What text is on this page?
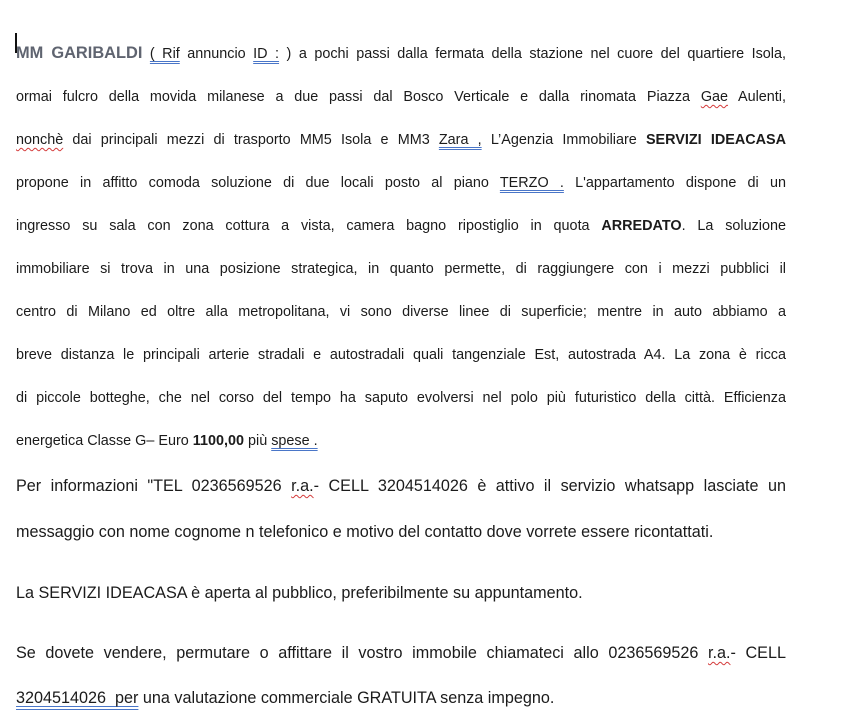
MM GARIBALDI ( Rif annuncio ID : ) a pochi passi dalla fermata della stazione nel cuore del quartiere Isola,
ormai fulcro della movida milanese a due passi dal Bosco Verticale e dalla rinomata Piazza Gae Aulenti,
nonchè dai principali mezzi di trasporto MM5 Isola e MM3 Zara , L’Agenzia Immobiliare SERVIZI IDEACASA
propone in affitto comoda soluzione di due locali posto al piano TERZO . L'appartamento dispone di un
ingresso su sala con zona cottura a vista, camera bagno ripostiglio in quota ARREDATO. La soluzione
immobiliare si trova in una posizione strategica, in quanto permette, di raggiungere con i mezzi pubblici il
centro di Milano ed oltre alla metropolitana, vi sono diverse linee di superficie; mentre in auto abbiamo a
breve distanza le principali arterie stradali e autostradali quali tangenziale Est, autostrada A4. La zona è ricca
di piccole botteghe, che nel corso del tempo ha saputo evolversi nel polo più futuristico della città. Efficienza
energetica Classe G– Euro 1100,00 più spese .

Per informazioni "TEL 0236569526 r.a.- CELL 3204514026 è attivo il servizio whatsapp lasciate un

messaggio con nome cognome n telefonico e motivo del contatto dove vorrete essere ricontattati.

La SERVIZI IDEACASA è aperta al pubblico, preferibilmente su appuntamento.

Se dovete vendere, permutare o affittare il vostro immobile chiamateci allo 0236569526 r.a.- CELL

3204514026  per una valutazione commerciale GRATUITA senza impegno.
